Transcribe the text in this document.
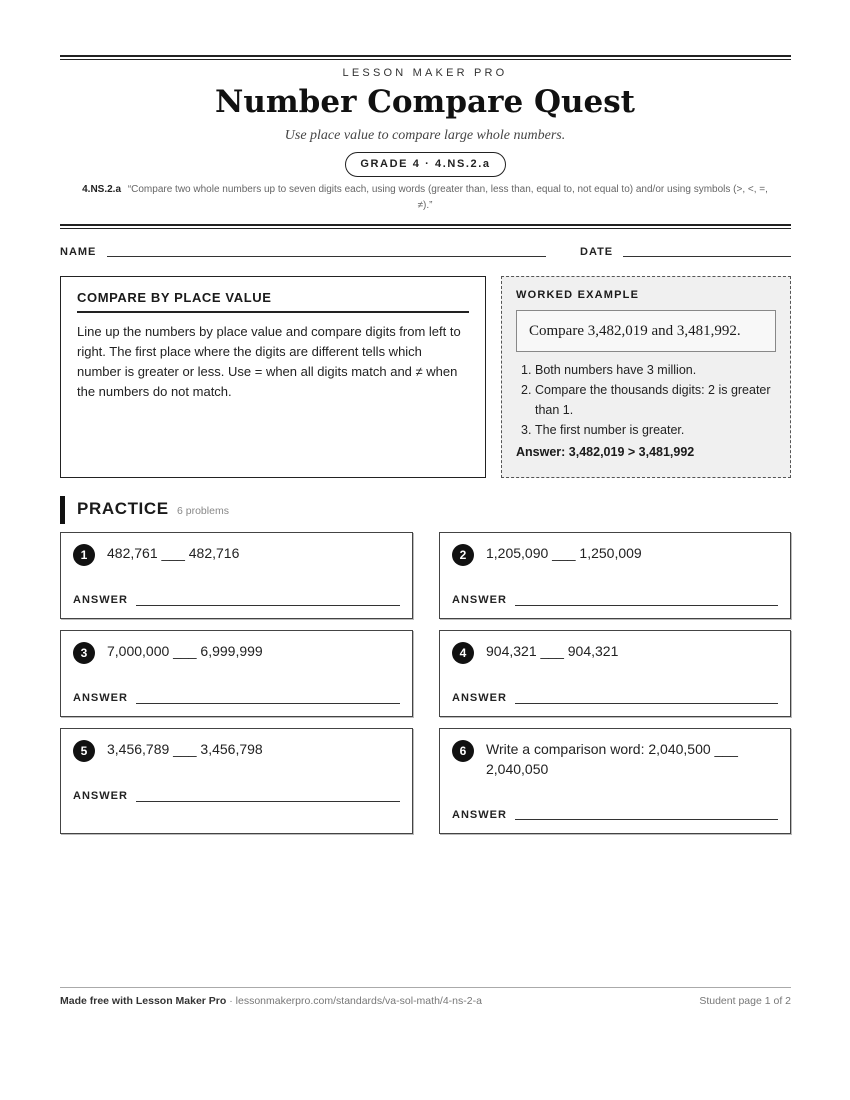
LESSON MAKER PRO
Number Compare Quest
Use place value to compare large whole numbers.
GRADE 4 · 4.NS.2.a
4.NS.2.a “Compare two whole numbers up to seven digits each, using words (greater than, less than, equal to, not equal to) and/or using symbols (>, <, =, ≠).”
NAME	DATE
COMPARE BY PLACE VALUE

Line up the numbers by place value and compare digits from left to right. The first place where the digits are different tells which number is greater or less. Use = when all digits match and ≠ when the numbers do not match.

WORKED EXAMPLE
Compare 3,482,019 and 3,481,992.
1. Both numbers have 3 million.
2. Compare the thousands digits: 2 is greater than 1.
3. The first number is greater.
Answer: 3,482,019 > 3,481,992
PRACTICE 6 problems
1	482,761 ___ 482,716
ANSWER
2	1,205,090 ___ 1,250,009
ANSWER
3	7,000,000 ___ 6,999,999
ANSWER
4	904,321 ___ 904,321
ANSWER
5	3,456,789 ___ 3,456,798
ANSWER
6	Write a comparison word: 2,040,500 ___ 2,040,050
ANSWER
Made free with Lesson Maker Pro · lessonmakerpro.com/standards/va-sol-math/4-ns-2-a	Student page 1 of 2
